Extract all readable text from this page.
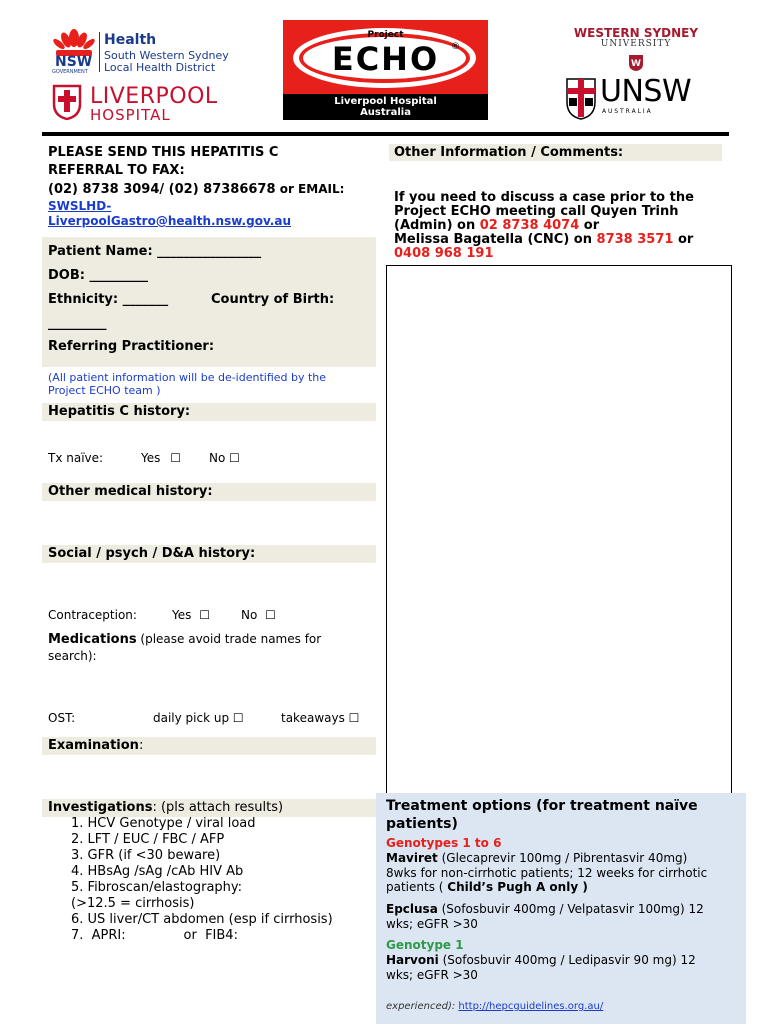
NSW
GOVERNMENT
Health
South Western Sydney
Local Health District
LIVERPOOL
HOSPITAL
Project
ECHO	®
Liverpool Hospital
Australia
WESTERN SYDNEY
UNIVERSITY
W
UNSW
A U S T R A L I A
PLEASE SEND THIS HEPATITIS C
REFERRAL TO FAX:
(02) 8738 3094/ (02) 87386678 or EMAIL:
SWSLHD-
LiverpoolGastro@health.nsw.gov.au
Patient Name: ________________
DOB: _________
Ethnicity: _______	Country of Birth:
_________
Referring Practitioner:
(All patient information will be de-identified by the
Project ECHO team )
Hepatitis C history:
Tx naïve:	Yes ☐ No ☐
Other medical history:
Social / psych / D&A history:
Contraception:	Yes ☐	No ☐
Medications (please avoid trade names for
search):
OST:	daily pick up ☐	takeaways ☐
Examination:
Investigations: (pls attach results)
1. HCV Genotype / viral load
2. LFT / EUC / FBC / AFP
3. GFR (if <30 beware)
4. HBsAg /sAg /cAb HIV Ab
5. Fibroscan/elastography:
(>12.5 = cirrhosis)
6. US liver/CT abdomen (esp if cirrhosis)
7.  APRI:              or  FIB4:
Other Information / Comments:
If you need to discuss a case prior to the
Project ECHO meeting call Quyen Trinh
(Admin) on 02 8738 4074 or
Melissa Bagatella (CNC) on 8738 3571 or
0408 968 191
Treatment options (for treatment naïve
patients)
Genotypes 1 to 6
Maviret (Glecaprevir 100mg / Pibrentasvir 40mg)
8wks for non-cirrhotic patients; 12 weeks for cirrhotic
patients ( Child’s Pugh A only )
Epclusa (Sofosbuvir 400mg / Velpatasvir 100mg) 12
wks; eGFR >30
Genotype 1
Harvoni (Sofosbuvir 400mg / Ledipasvir 90 mg) 12
wks; eGFR >30
experienced): http://hepcguidelines.org.au/
